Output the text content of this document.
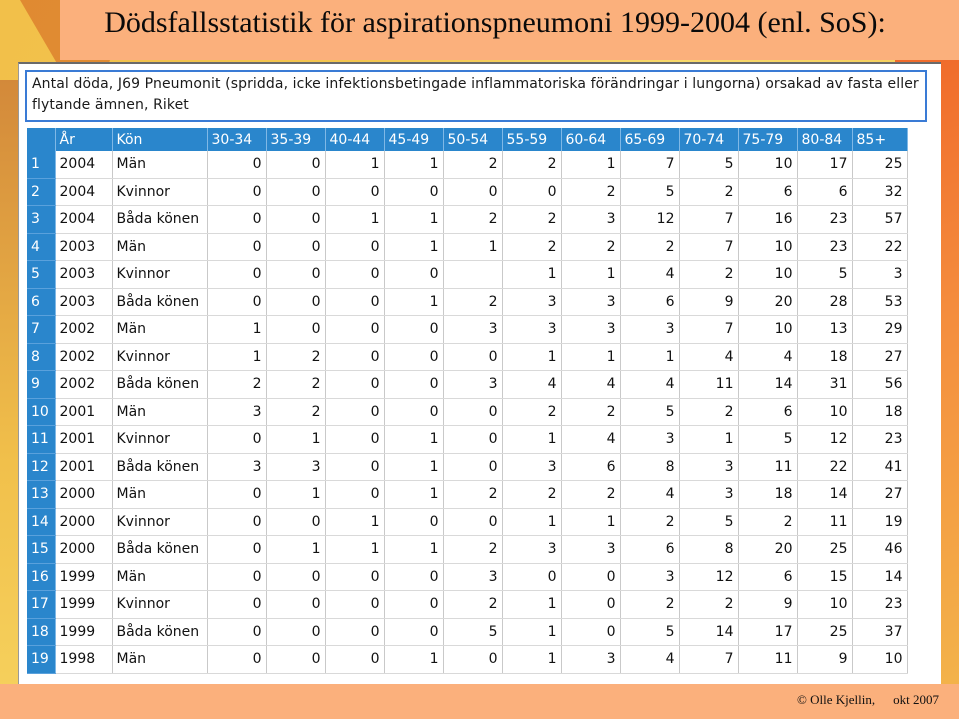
Dödsfallsstatistik för aspirationspneumoni 1999-2004 (enl. SoS):
Antal döda, J69 Pneumonit (spridda, icke infektionsbetingade inflammatoriska förändringar i lungorna) orsakad av fasta eller flytande ämnen, Riket
	År	Kön	30-34	35-39	40-44	45-49	50-54	55-59	60-64	65-69	70-74	75-79	80-84	85+
1	2004	Män	0	0	1	1	2	2	1	7	5	10	17	25
2	2004	Kvinnor	0	0	0	0	0	0	2	5	2	6	6	32
3	2004	Båda könen	0	0	1	1	2	2	3	12	7	16	23	57
4	2003	Män	0	0	0	1	1	2	2	2	7	10	23	22
5	2003	Kvinnor	0	0	0	0		1	1	4	2	10	5	3
6	2003	Båda könen	0	0	0	1	2	3	3	6	9	20	28	53
7	2002	Män	1	0	0	0	3	3	3	3	7	10	13	29
8	2002	Kvinnor	1	2	0	0	0	1	1	1	4	4	18	27
9	2002	Båda könen	2	2	0	0	3	4	4	4	11	14	31	56
10	2001	Män	3	2	0	0	0	2	2	5	2	6	10	18
11	2001	Kvinnor	0	1	0	1	0	1	4	3	1	5	12	23
12	2001	Båda könen	3	3	0	1	0	3	6	8	3	11	22	41
13	2000	Män	0	1	0	1	2	2	2	4	3	18	14	27
14	2000	Kvinnor	0	0	1	0	0	1	1	2	5	2	11	19
15	2000	Båda könen	0	1	1	1	2	3	3	6	8	20	25	46
16	1999	Män	0	0	0	0	3	0	0	3	12	6	15	14
17	1999	Kvinnor	0	0	0	0	2	1	0	2	2	9	10	23
18	1999	Båda könen	0	0	0	0	5	1	0	5	14	17	25	37
19	1998	Män	0	0	0	1	0	1	3	4	7	11	9	10
© Olle Kjellin, okt 2007
